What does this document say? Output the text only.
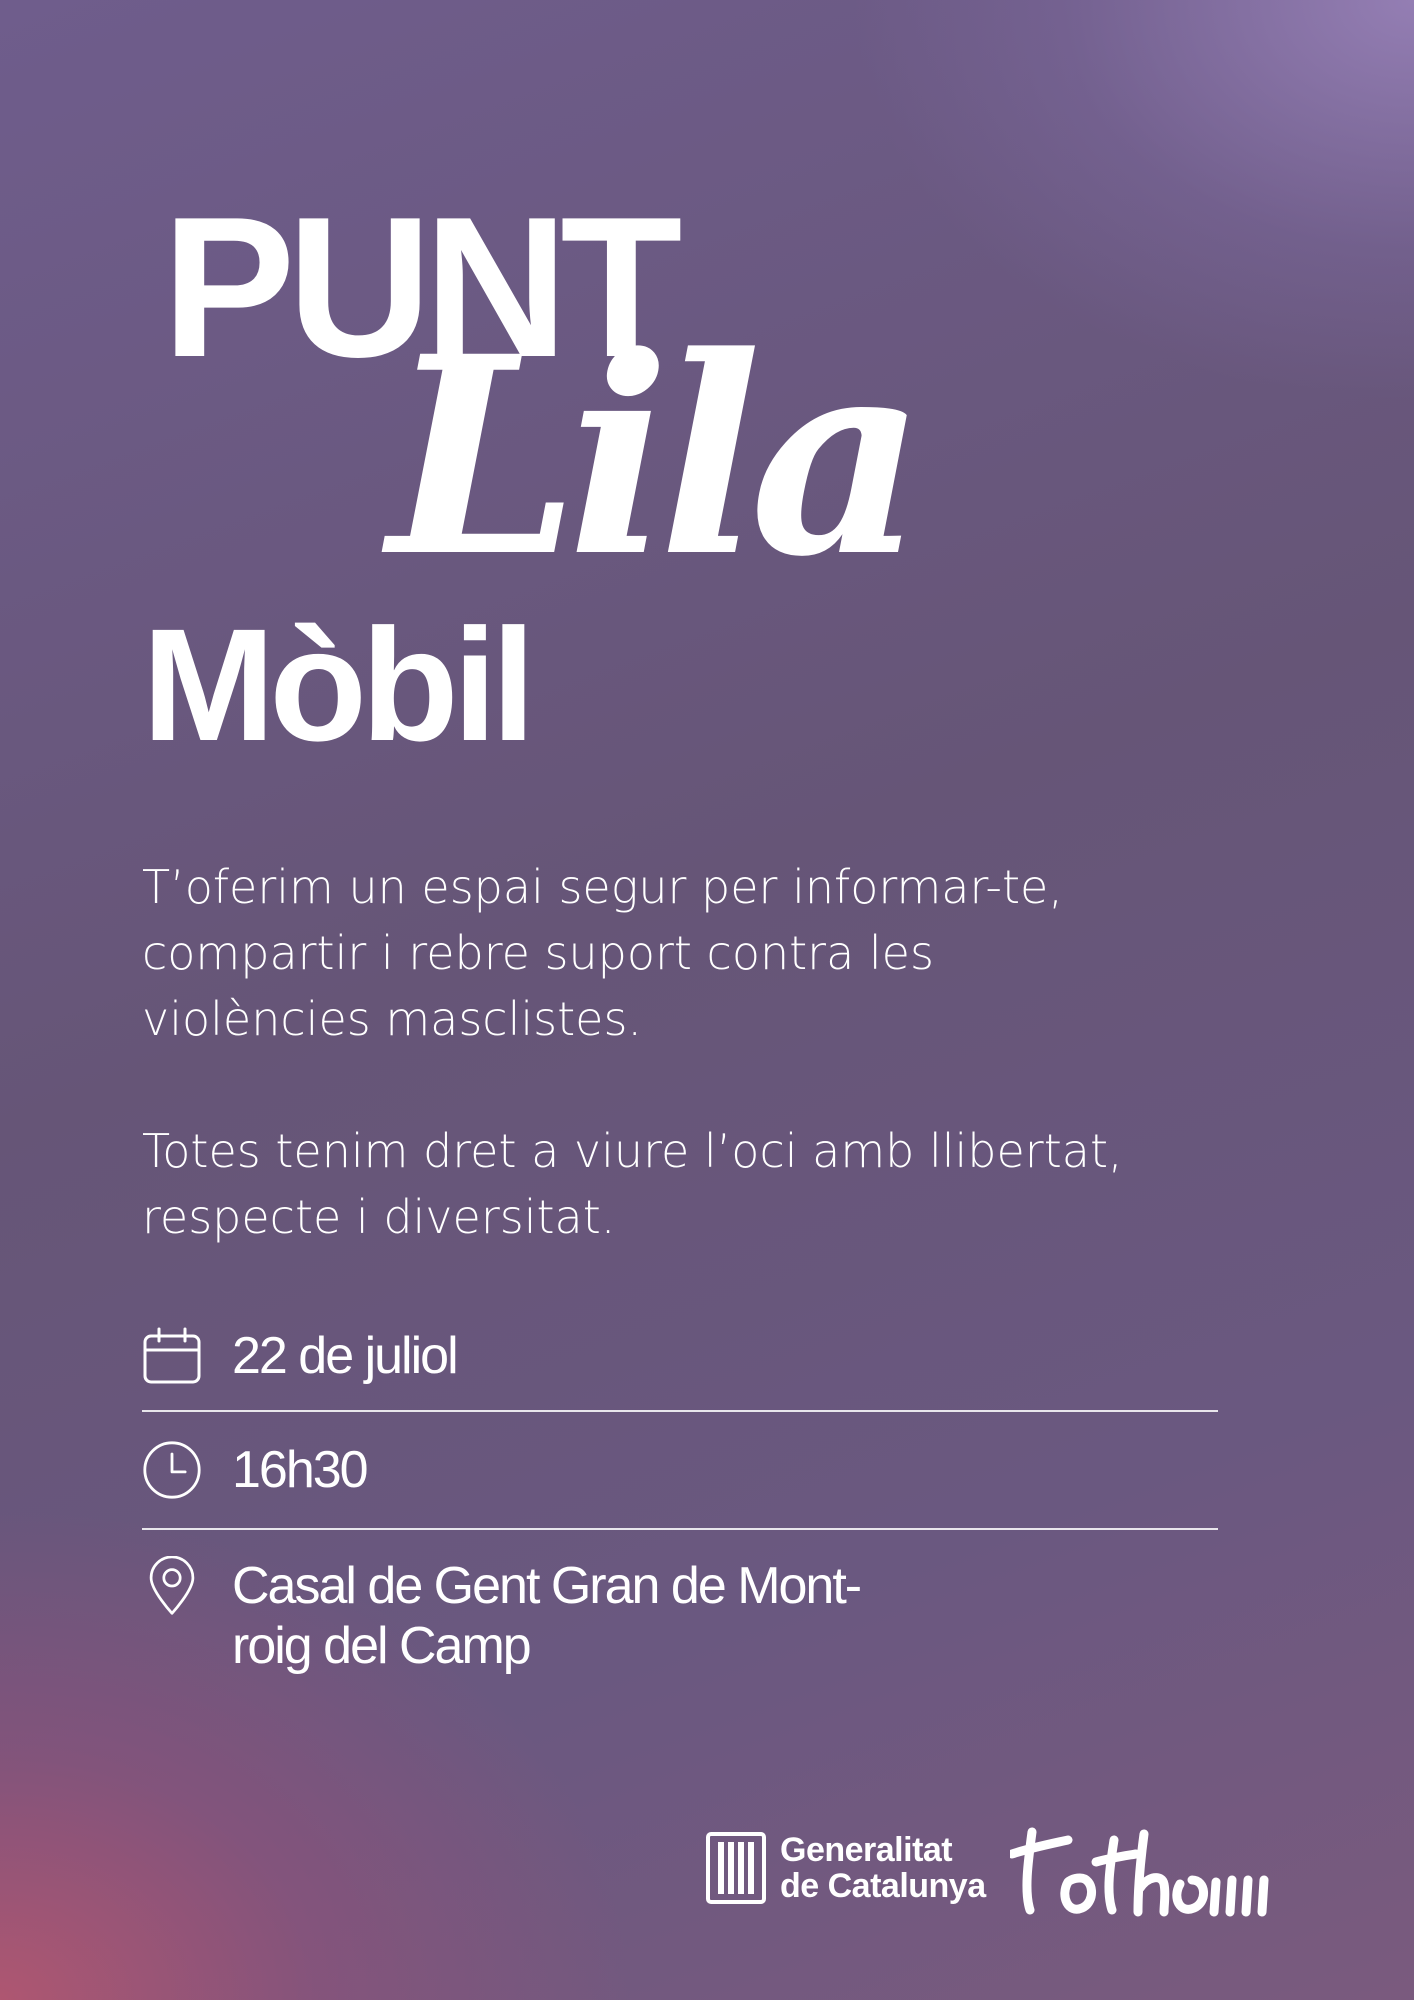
PUNT
Lila
Mòbil

T’oferim un espai segur per informar-te, compartir i rebre suport contra les violències masclistes.

Totes tenim dret a viure l’oci amb llibertat, respecte i diversitat.

22 de juliol
16h30
Casal de Gent Gran de Mont-roig del Camp
Generalitat
de Catalunya
